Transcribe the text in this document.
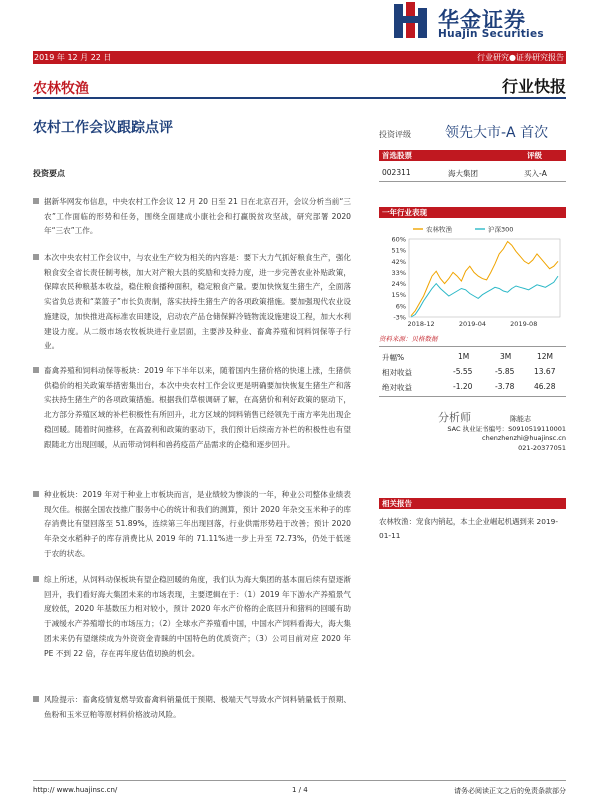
华金证券
Huajin Securities
2019 年 12 月 22 日	行业研究●证券研究报告
农林牧渔	行业快报
农村工作会议跟踪点评	投资评级 领先大市-A 首次
首选股票	评级
002311	海大集团	买入-A
投资要点
据新华网发布信息，中央农村工作会议 12 月 20 日至 21 日在北京召开，会议分析当前“三农”工作面临的形势和任务，围绕全面建成小康社会和打赢脱贫攻坚战，研究部署 2020 年“三农”工作。
本次中央农村工作会议中，与农业生产较为相关的内容是：要下大力气抓好粮食生产，强化粮食安全省长责任制考核，加大对产粮大县的奖励和支持力度，进一步完善农业补贴政策，保障农民种粮基本收益，稳住粮食播种面积，稳定粮食产量。要加快恢复生猪生产，全面落实省负总责和“菜篮子”市长负责制，落实扶持生猪生产的各项政策措施。要加强现代农业设施建设，加快推进高标准农田建设，启动农产品仓储保鲜冷链物流设施建设工程，加大水利建设力度。从二级市场农牧板块进行业层面，主要涉及种业、畜禽养殖和饲料饲保等子行业。
畜禽养殖和饲料动保等板块：2019 年下半年以来，随着国内生猪价格的快速上涨，生猪供供稳价的相关政策举措密集出台，本次中央农村工作会议更是明确要加快恢复生猪生产和落实扶持生猪生产的各项政策措施。根据我们草根调研了解，在高猪价和利好政策的驱动下，北方部分养殖区域的补栏积极性有所回升，北方区域的饲料销售已经领先于南方率先出现企稳回暖。随着时间推移，在高盈利和政策的驱动下，我们预计后续南方补栏的积极性也有望跟随北方出现回暖，从而带动饲料和兽药疫苗产品需求的企稳和逐步回升。
种业板块：2019 年对于种业上市板块而言，是业绩较为惨淡的一年，种业公司整体业绩表现欠佳。根据全国农技推广服务中心的统计和我们的测算，预计 2020 年杂交玉米种子的库存消费比有望回落至 51.89%，连续第三年出现回落，行业供需形势趋于改善；预计 2020 年杂交水稻种子的库存消费比从 2019 年的 71.11%进一步上升至 72.73%，仍处于低迷于农的状态。
综上所述，从饲料动保板块有望企稳回暖的角度，我们认为海大集团的基本面后续有望逐渐回升，我们看好海大集团未来的市场表现，主要逻辑在于：（1）2019 年下游水产养殖景气度较低，2020 年基数压力相对较小，预计 2020 年水产价格的企底回升和猪料的回暖有助于减缓水产养殖增长的市场压力；（2）全球水产养殖看中国，中国水产饲料看海大，海大集团未来仍有望继续成为外资资金青睐的中国特色的优质资产；（3）公司目前对应 2020 年 PE 不到 22 倍，存在再年度估值切换的机会。
风险提示：畜禽疫情复燃导致畜禽料销量低于预期、极端天气导致水产饲料销量低于预期、鱼粉和玉米豆粕等原材料价格波动风险。
一年行业表现
60%
51%
42%
33%
24%
15%
6%
-3%
2018-12	2019-04	2019-08
农林牧渔	沪深300
资料来源：贝格数据
升幅%	1M	3M	12M
相对收益	-5.55	-5.85	13.67
绝对收益	-1.20	-3.78	46.28
分析师	陈能志
SAC 执业证书编号：S0910519110001
chenzhenzhi@huajinsc.cn
021-20377051
相关报告
农林牧渔：宠食内销起，本土企业崛起机遇到来 2019-01-11
http:// www.huajinsc.cn/	1 / 4	请务必阅读正文之后的免责条款部分
